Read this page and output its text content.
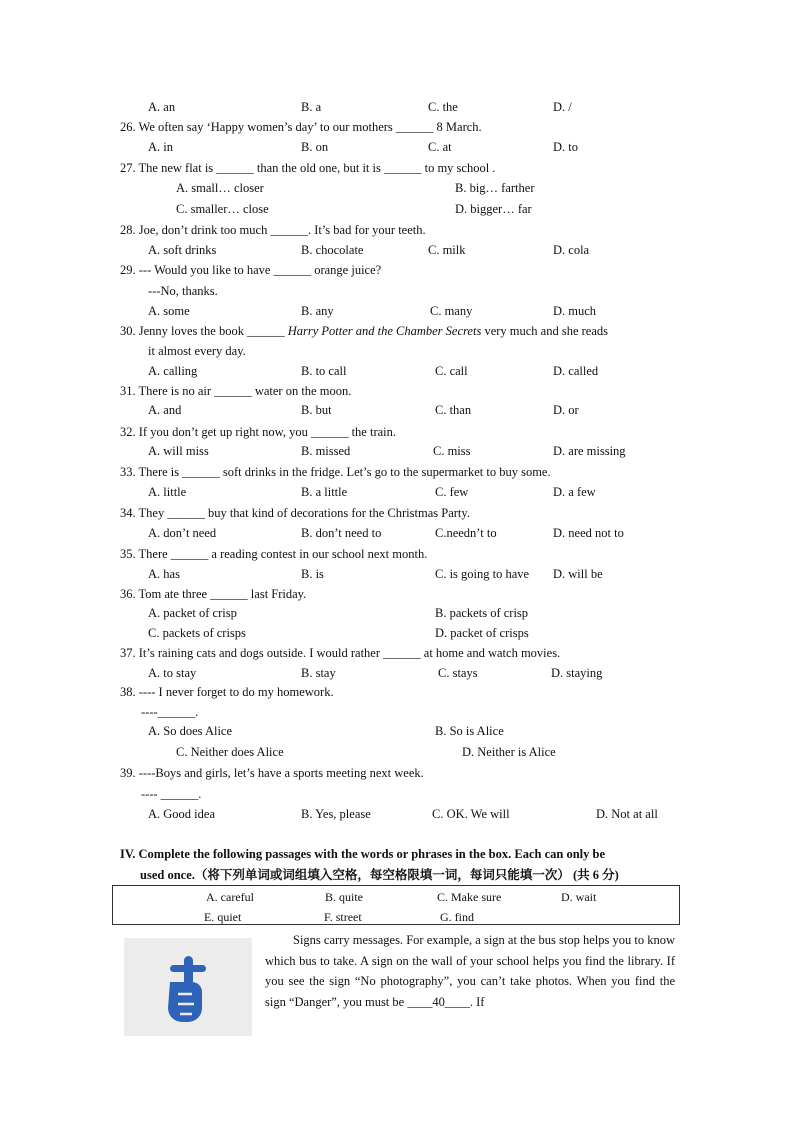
A. an	B. a	C. the	D. /
26. We often say ‘Happy women’s day’ to our mothers ______ 8 March.
A. in	B. on	C. at	D. to
27. The new flat is ______ than the old one, but it is ______ to my school .
A. small… closer	B. big… farther
C. smaller… close	D. bigger… far
28. Joe, don’t drink too much ______. It’s bad for your teeth.
A. soft drinks	B. chocolate	C. milk	D. cola
29. --- Would you like to have ______ orange juice?
---No, thanks.
A. some	B. any	C. many	D. much
30. Jenny loves the book ______ Harry Potter and the Chamber Secrets very much and she reads
it almost every day.
A. calling	B. to call	C. call	D. called
31. There is no air ______ water on the moon.
A. and	B. but	C. than	D. or
32. If you don’t get up right now, you ______ the train.
A. will miss	B. missed	C. miss	D. are missing
33. There is ______ soft drinks in the fridge. Let’s go to the supermarket to buy some.
A. little	B. a little	C. few	D. a few
34. They ______ buy that kind of decorations for the Christmas Party.
A. don’t need	B. don’t need to	C.needn’t to	D. need not to
35. There ______ a reading contest in our school next month.
A. has	B. is	C. is going to have D. will be
36. Tom ate three ______ last Friday.
A. packet of crisp	B. packets of crisp
C. packets of crisps	D. packet of crisps
37. It’s raining cats and dogs outside. I would rather ______ at home and watch movies.
A. to stay	B. stay	C. stays	D. staying
38. ---- I never forget to do my homework.
----______.
A. So does Alice	B. So is Alice
C. Neither does Alice	D. Neither is Alice
39. ----Boys and girls, let’s have a sports meeting next week.
---- ______.
A. Good idea	B. Yes, please	C. OK. We will	D. Not at all
IV. Complete the following passages with the words or phrases in the box. Each can only be
used once.（将下列单词或词组填入空格，每空格限填一词，每词只能填一次） (共 6 分)
A. careful	B. quite	C. Make sure	D. wait
E. quiet	F. street	G. find
Signs carry messages. For example, a sign at the bus stop helps you to know which bus to take. A sign on the wall of your school helps you find the library. If you see the sign “No photography”, you can’t take photos. When you find the sign “Danger”, you must be ____40____. If
